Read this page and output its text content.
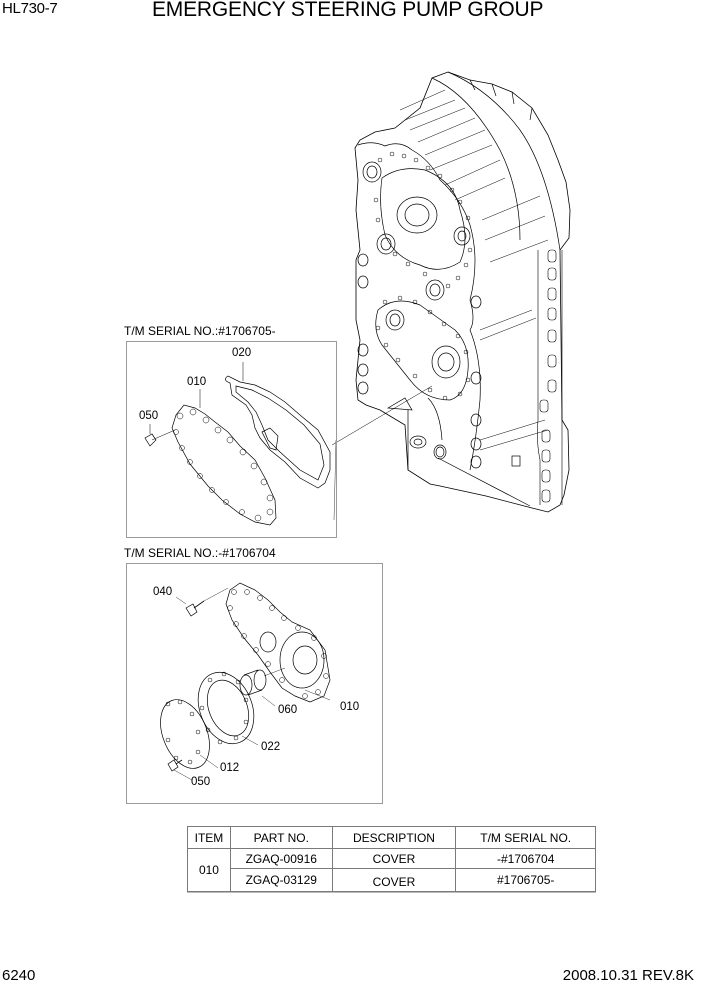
HL730-7	EMERGENCY STEERING PUMP GROUP
T/M SERIAL NO.:#1706705-
020
010
050
T/M SERIAL NO.:-#1706704
040
060	010
022
012
050
ITEM	PART NO.	DESCRIPTION	T/M SERIAL NO.
010	ZGAQ-00916	COVER	-#1706704
	ZGAQ-03129	COVER	#1706705-
6240	2008.10.31 REV.8K
